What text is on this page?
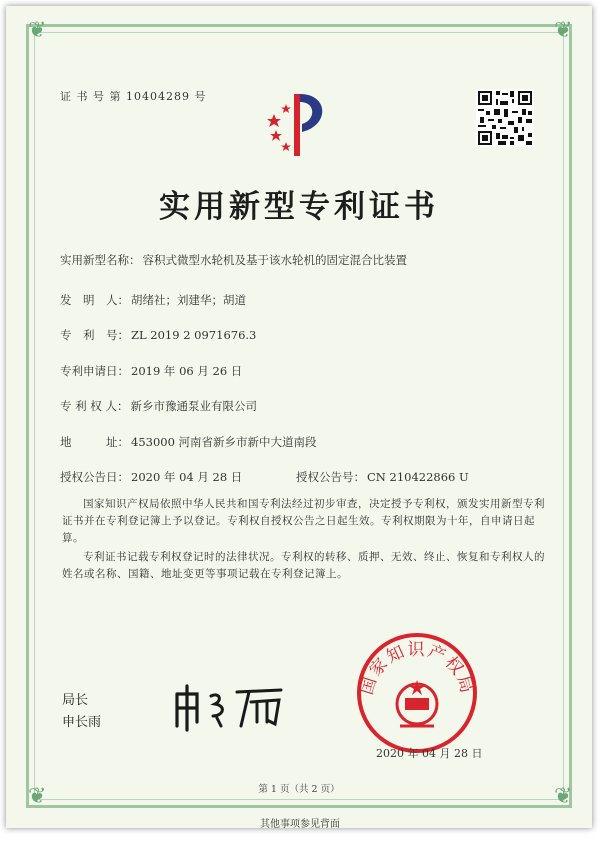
❦	❦
❦	❦
证 书 号 第 10404289 号
实用新型专利证书
实用新型名称： 容积式微型水轮机及基于该水轮机的固定混合比装置
发　明　人： 胡绪社；刘建华；胡道
专　利　号： ZL 2019 2 0971676.3
专利申请日： 2019 年 06 月 26 日
专 利 权 人： 新乡市豫通泵业有限公司
地　　　址： 453000 河南省新乡市新中大道南段
授权公告日： 2020 年 04 月 28 日	授权公告号： CN 210422866 U
国家知识产权局依照中华人民共和国专利法经过初步审查，决定授予专利权，颁发实用新型专利证书并在专利登记簿上予以登记。专利权自授权公告之日起生效。专利权期限为十年，自申请日起算。
专利证书记载专利权登记时的法律状况。专利权的转移、质押、无效、终止、恢复和专利权人的姓名或名称、国籍、地址变更等事项记载在专利登记簿上。
局长
申长雨
国家知识产权局
2020 年 04 月 28 日
第 1 页（共 2 页）
其他事项参见背面
